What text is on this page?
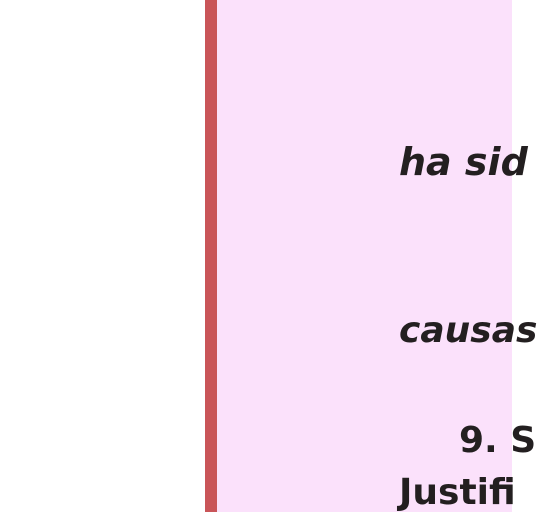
ha sid
causas
9. S
Justifi
